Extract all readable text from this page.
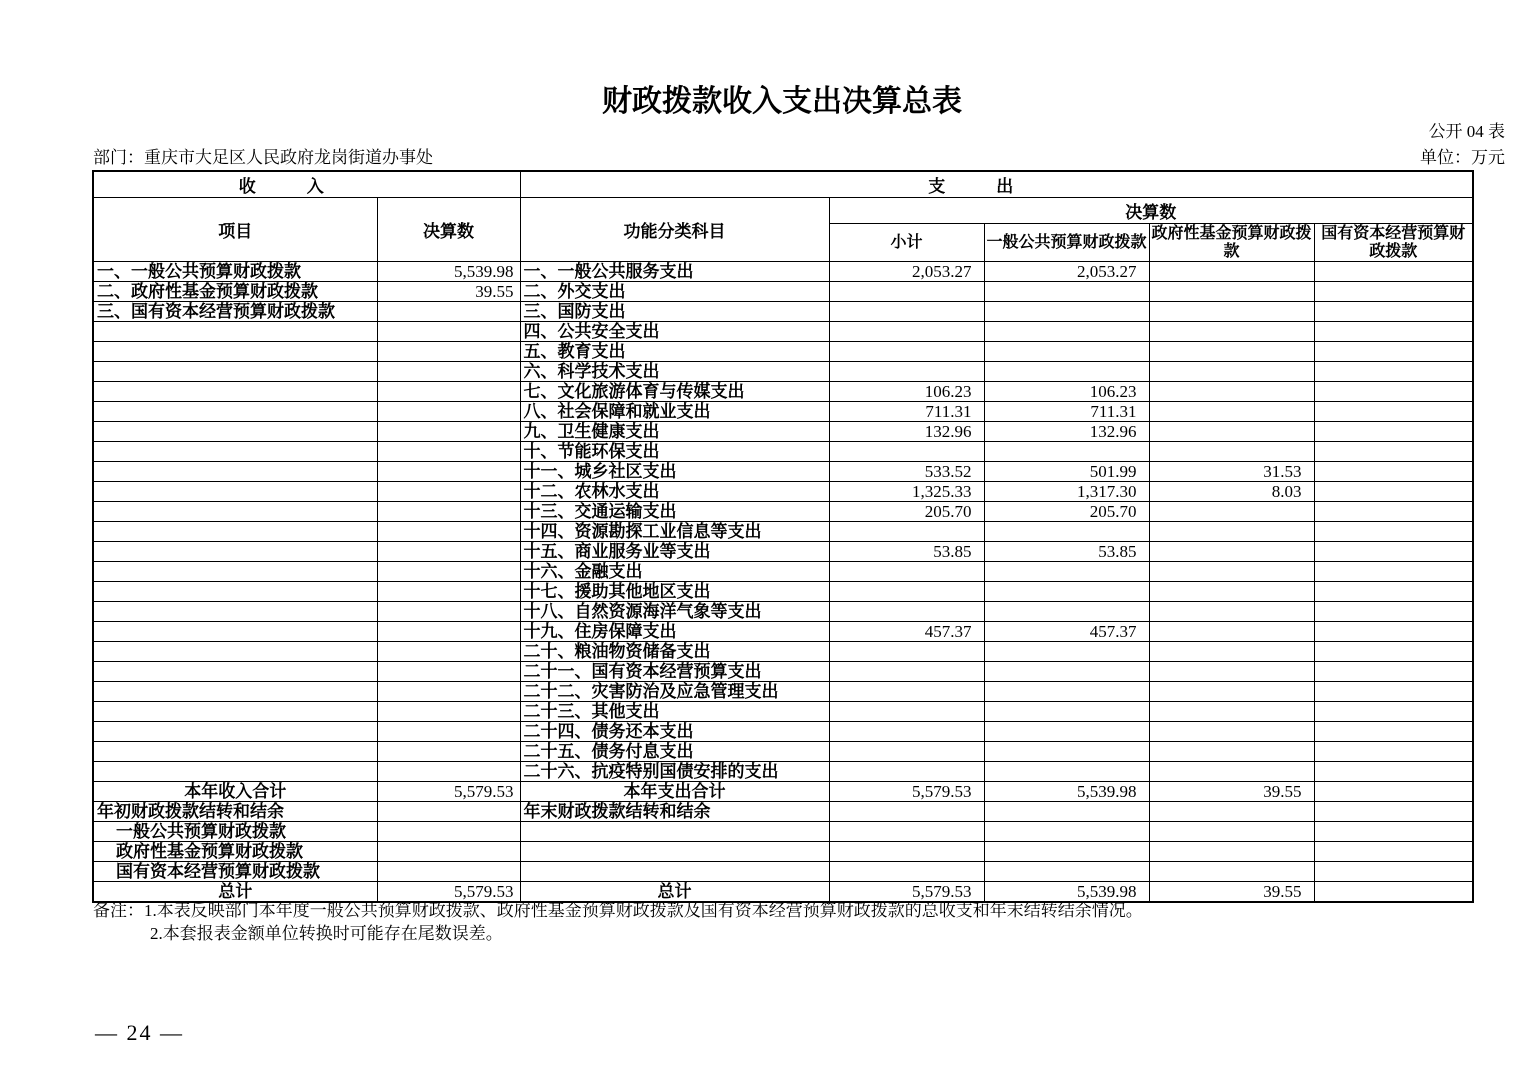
财政拨款收入支出决算总表
公开 04 表
部门：重庆市大足区人民政府龙岗街道办事处	单位：万元
收入		支出				
项目	决算数	功能分类科目	决算数			
			小计	一般公共预算财政拨款	政府性基金预算财政拨款	国有资本经营预算财政拨款
一、一般公共预算财政拨款	5,539.98	一、一般公共服务支出	2,053.27	2,053.27		
二、政府性基金预算财政拨款	39.55	二、外交支出				
三、国有资本经营预算财政拨款		三、国防支出				
		四、公共安全支出				
		五、教育支出				
		六、科学技术支出				
		七、文化旅游体育与传媒支出	106.23	106.23		
		八、社会保障和就业支出	711.31	711.31		
		九、卫生健康支出	132.96	132.96		
		十、节能环保支出				
		十一、城乡社区支出	533.52	501.99	31.53	
		十二、农林水支出	1,325.33	1,317.30	8.03	
		十三、交通运输支出	205.70	205.70		
		十四、资源勘探工业信息等支出				
		十五、商业服务业等支出	53.85	53.85		
		十六、金融支出				
		十七、援助其他地区支出				
		十八、自然资源海洋气象等支出				
		十九、住房保障支出	457.37	457.37		
		二十、粮油物资储备支出				
		二十一、国有资本经营预算支出				
		二十二、灾害防治及应急管理支出				
		二十三、其他支出				
		二十四、债务还本支出				
		二十五、债务付息支出				
		二十六、抗疫特别国债安排的支出				
本年收入合计	5,579.53	本年支出合计	5,579.53	5,539.98	39.55	
年初财政拨款结转和结余		年末财政拨款结转和结余				
一般公共预算财政拨款						
政府性基金预算财政拨款						
国有资本经营预算财政拨款						
总计	5,579.53	总计	5,579.53	5,539.98	39.55	
备注：1.本表反映部门本年度一般公共预算财政拨款、政府性基金预算财政拨款及国有资本经营预算财政拨款的总收支和年末结转结余情况。
2.本套报表金额单位转换时可能存在尾数误差。
— 24 —
